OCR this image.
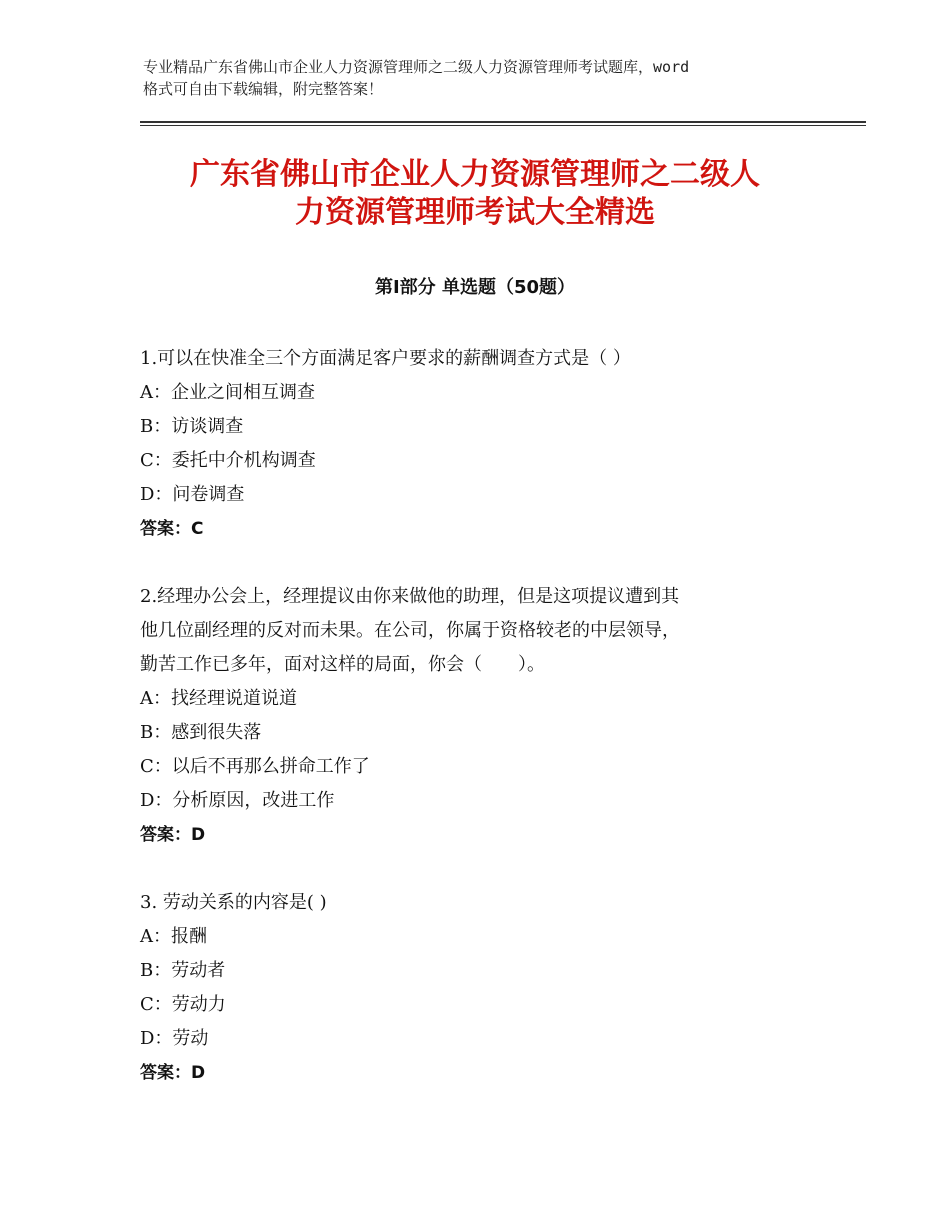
专业精品广东省佛山市企业人力资源管理师之二级人力资源管理师考试题库，word
格式可自由下载编辑，附完整答案！
广东省佛山市企业人力资源管理师之二级人
力资源管理师考试大全精选
第Ⅰ部分 单选题（50题）

1.可以在快准全三个方面满足客户要求的薪酬调查方式是（ ）

A：企业之间相互调查

B：访谈调查

C：委托中介机构调查

D：问卷调查

答案：C

2.经理办公会上，经理提议由你来做他的助理，但是这项提议遭到其

他几位副经理的反对而未果。在公司，你属于资格较老的中层领导，

勤苦工作已多年，面对这样的局面，你会（　　）。

A：找经理说道说道

B：感到很失落

C：以后不再那么拼命工作了

D：分析原因，改进工作

答案：D

3. 劳动关系的内容是( )

A：报酬

B：劳动者

C：劳动力

D：劳动

答案：D
